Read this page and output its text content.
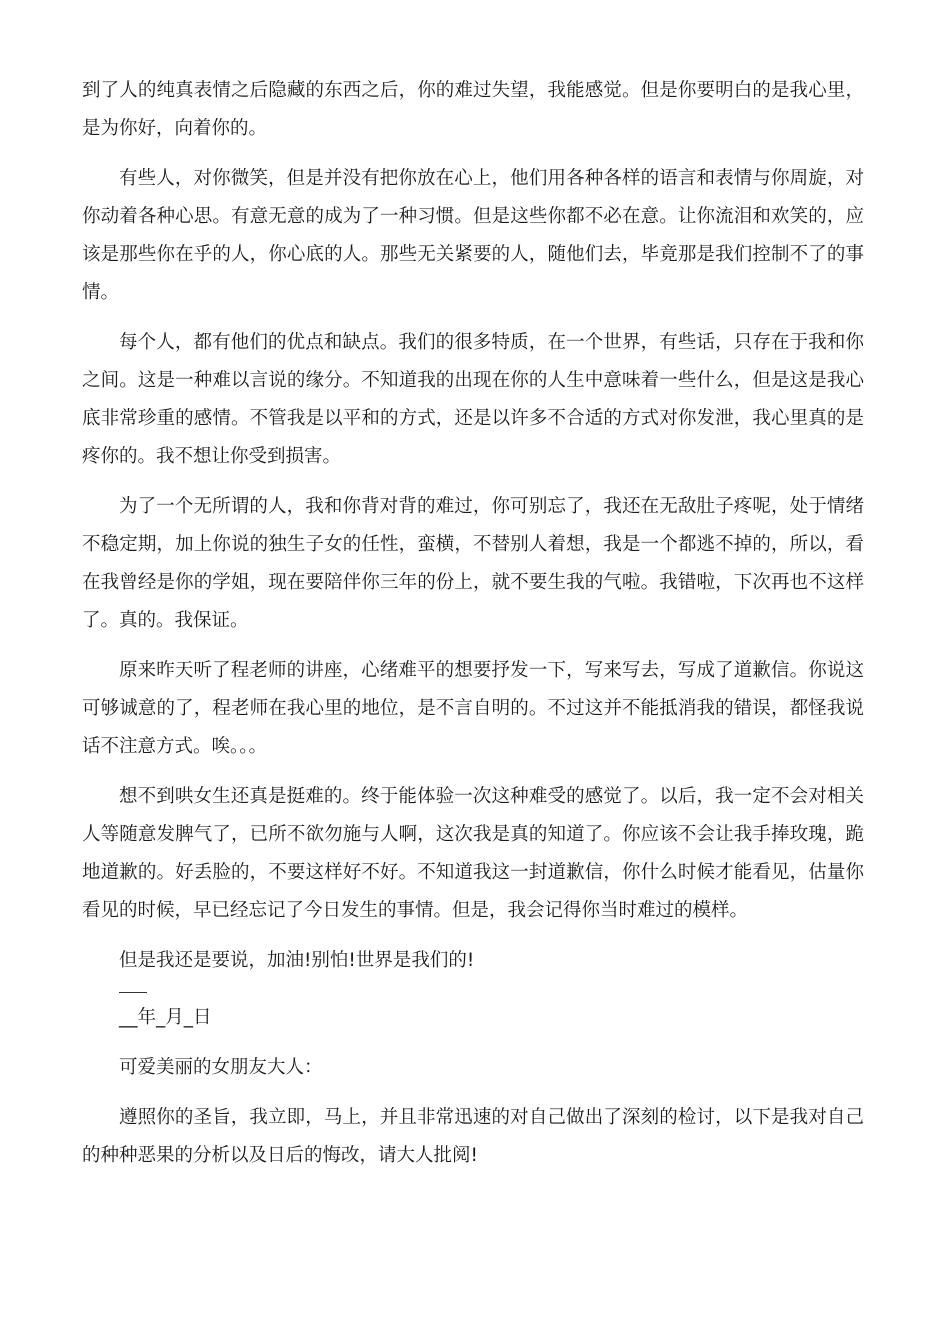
到了人的纯真表情之后隐藏的东西之后，你的难过失望，我能感觉。但是你要明白的是我心里，是为你好，向着你的。

有些人，对你微笑，但是并没有把你放在心上，他们用各种各样的语言和表情与你周旋，对你动着各种心思。有意无意的成为了一种习惯。但是这些你都不必在意。让你流泪和欢笑的，应该是那些你在乎的人，你心底的人。那些无关紧要的人，随他们去，毕竟那是我们控制不了的事情。

每个人，都有他们的优点和缺点。我们的很多特质，在一个世界，有些话，只存在于我和你之间。这是一种难以言说的缘分。不知道我的出现在你的人生中意味着一些什么，但是这是我心底非常珍重的感情。不管我是以平和的方式，还是以许多不合适的方式对你发泄，我心里真的是疼你的。我不想让你受到损害。

为了一个无所谓的人，我和你背对背的难过，你可别忘了，我还在无敌肚子疼呢，处于情绪不稳定期，加上你说的独生子女的任性，蛮横，不替别人着想，我是一个都逃不掉的，所以，看在我曾经是你的学姐，现在要陪伴你三年的份上，就不要生我的气啦。我错啦，下次再也不这样了。真的。我保证。

原来昨天听了程老师的讲座，心绪难平的想要抒发一下，写来写去，写成了道歉信。你说这可够诚意的了，程老师在我心里的地位，是不言自明的。不过这并不能抵消我的错误，都怪我说话不注意方式。唉。。。

想不到哄女生还真是挺难的。终于能体验一次这种难受的感觉了。以后，我一定不会对相关人等随意发脾气了，已所不欲勿施与人啊，这次我是真的知道了。你应该不会让我手捧玫瑰，跪地道歉的。好丢脸的，不要这样好不好。不知道我这一封道歉信，你什么时候才能看见，估量你看见的时候，早已经忘记了今日发生的事情。但是，我会记得你当时难过的模样。

但是我还是要说，加油!别怕!世界是我们的!

__年_月_日

可爱美丽的女朋友大人：

遵照你的圣旨，我立即，马上，并且非常迅速的对自己做出了深刻的检讨，以下是我对自己的种种恶果的分析以及日后的悔改，请大人批阅!
